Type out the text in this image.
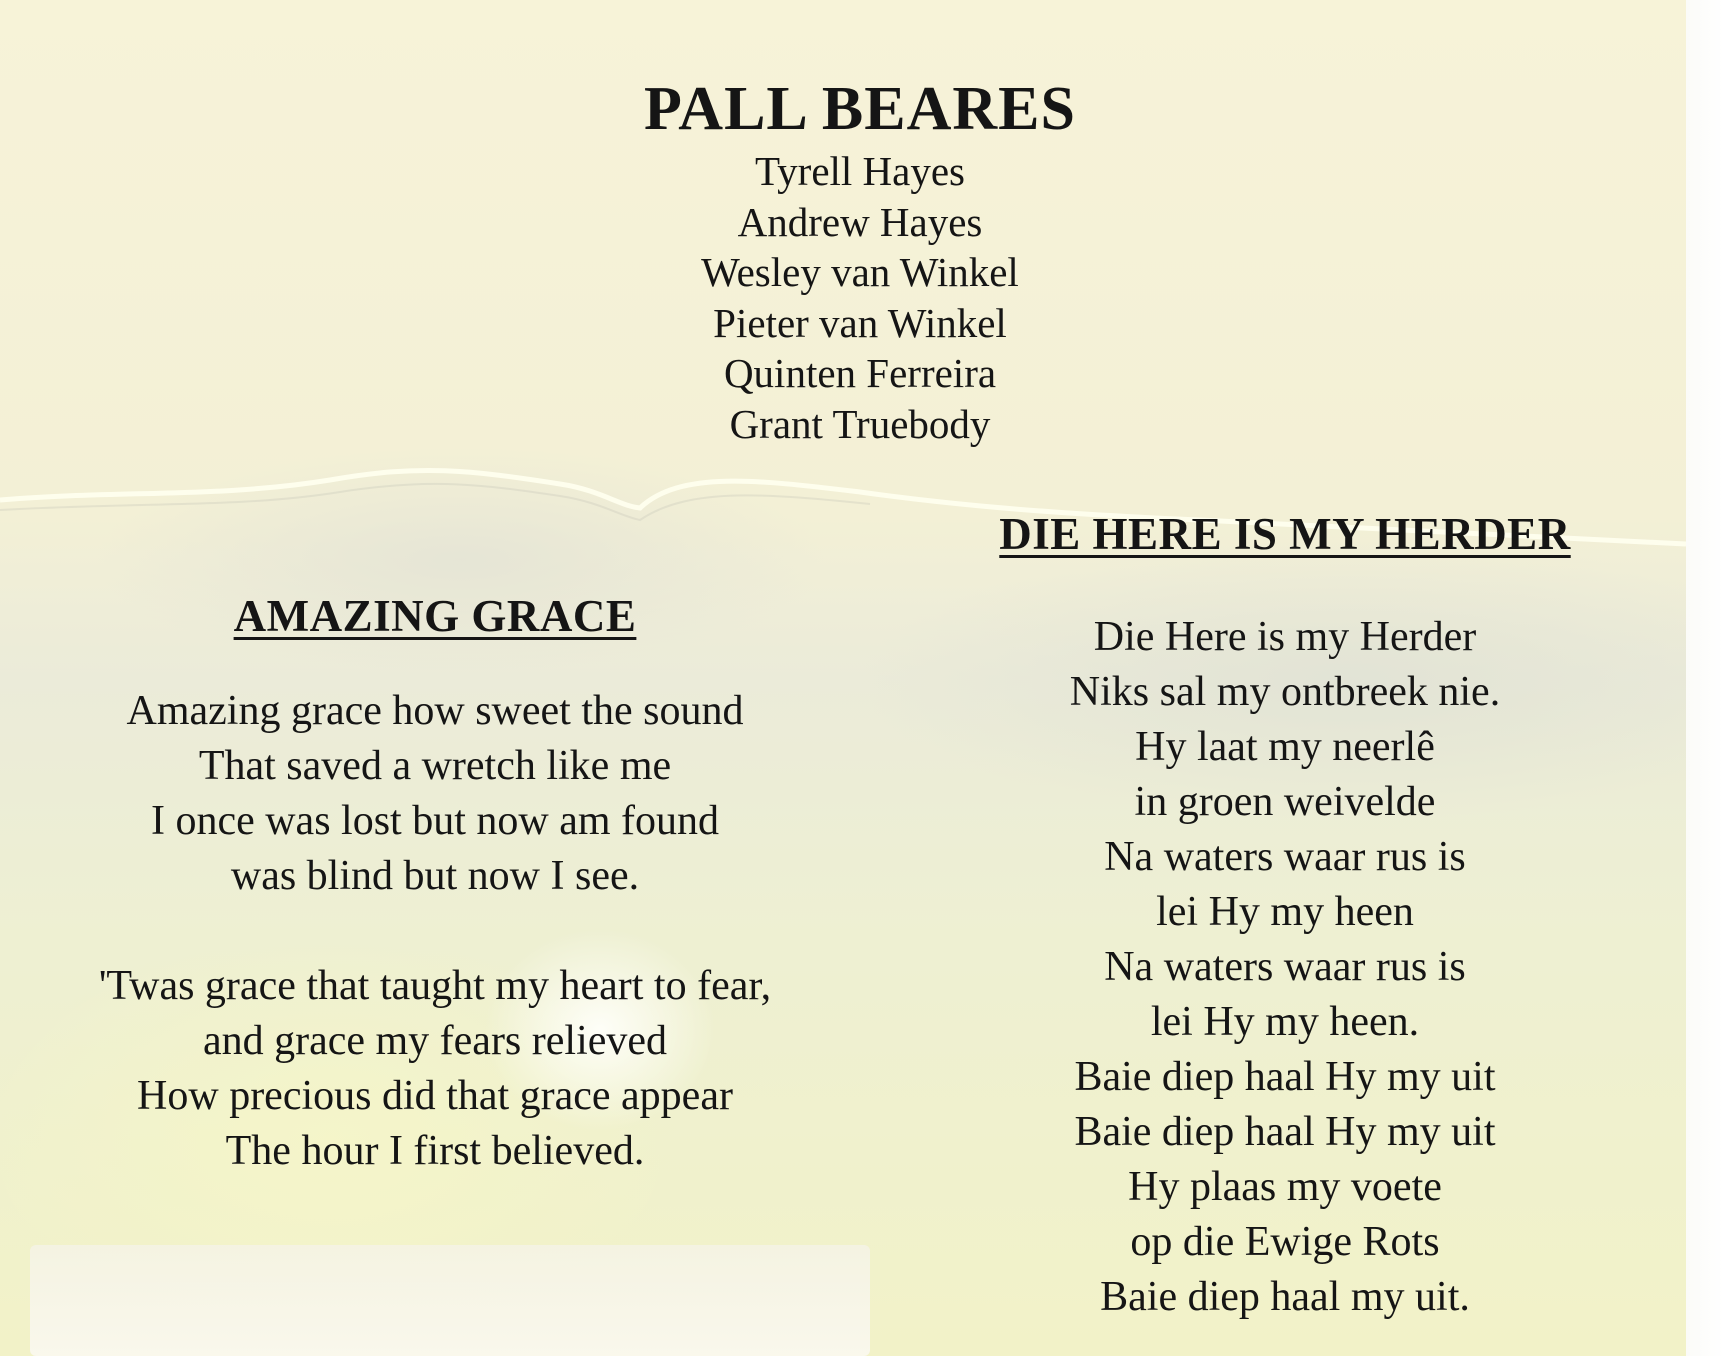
PALL BEARES
Tyrell Hayes
Andrew Hayes
Wesley van Winkel
Pieter van Winkel
Quinten Ferreira
Grant Truebody
AMAZING GRACE
Amazing grace how sweet the sound
That saved a wretch like me
I once was lost but now am found
was blind but now I see.
'Twas grace that taught my heart to fear,
and grace my fears relieved
How precious did that grace appear
The hour I first believed.
DIE HERE IS MY HERDER
Die Here is my Herder
Niks sal my ontbreek nie.
Hy laat my neerlê
in groen weivelde
Na waters waar rus is
lei Hy my heen
Na waters waar rus is
lei Hy my heen.
Baie diep haal Hy my uit
Baie diep haal Hy my uit
Hy plaas my voete
op die Ewige Rots
Baie diep haal my uit.
